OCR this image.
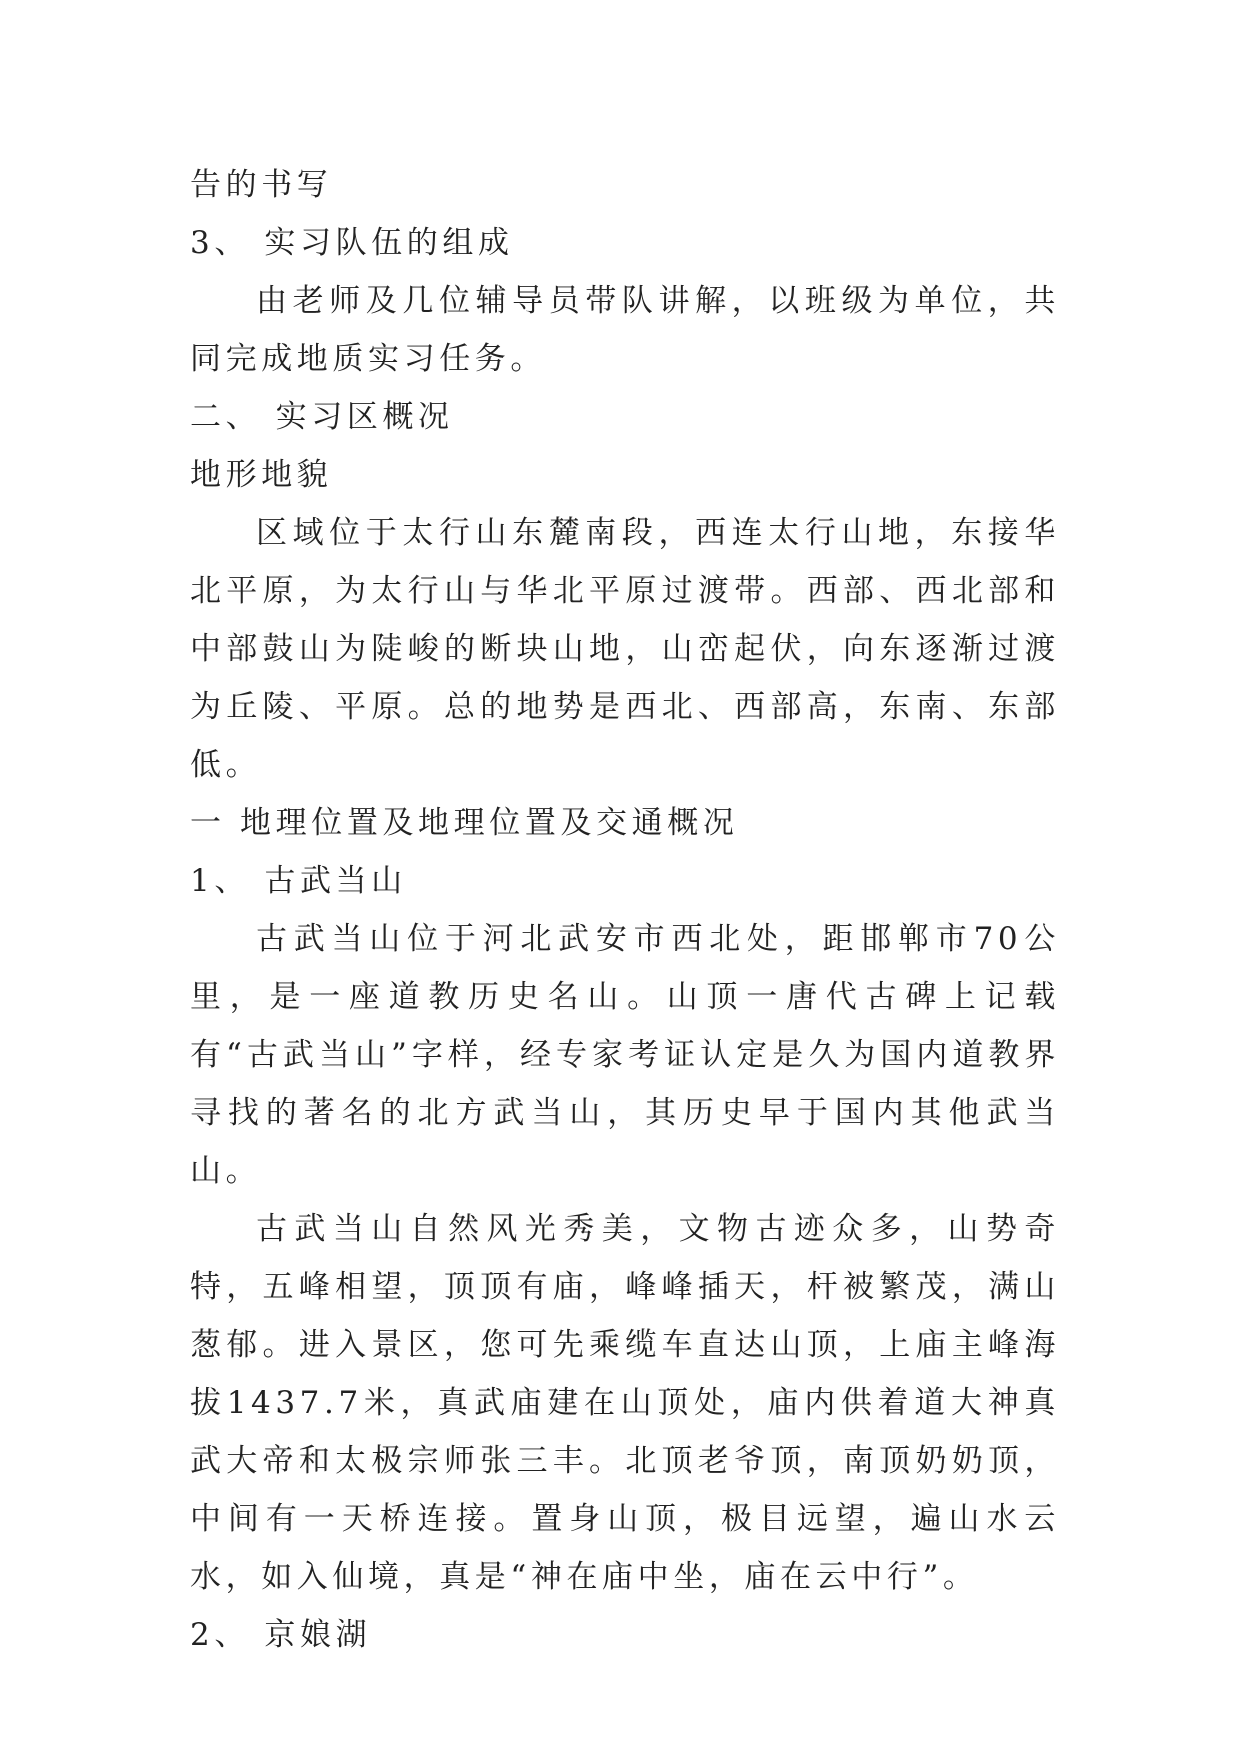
告的书写

3、 实习队伍的组成

由老师及几位辅导员带队讲解，以班级为单位，共同完成地质实习任务。

二、 实习区概况

地形地貌

区域位于太行山东麓南段，西连太行山地，东接华北平原，为太行山与华北平原过渡带。西部、西北部和中部鼓山为陡峻的断块山地，山峦起伏，向东逐渐过渡为丘陵、平原。总的地势是西北、西部高，东南、东部低。

一 地理位置及地理位置及交通概况

1、 古武当山

古武当山位于河北武安市西北处，距邯郸市70公里，是一座道教历史名山。山顶一唐代古碑上记载有“古武当山”字样，经专家考证认定是久为国内道教界寻找的著名的北方武当山，其历史早于国内其他武当山。

古武当山自然风光秀美，文物古迹众多，山势奇特，五峰相望，顶顶有庙，峰峰插天，杆被繁茂，满山葱郁。进入景区，您可先乘缆车直达山顶，上庙主峰海拔1437.7米，真武庙建在山顶处，庙内供着道大神真武大帝和太极宗师张三丰。北顶老爷顶，南顶奶奶顶，中间有一天桥连接。置身山顶，极目远望，遍山水云水，如入仙境，真是“神在庙中坐，庙在云中行”。

2、 京娘湖
